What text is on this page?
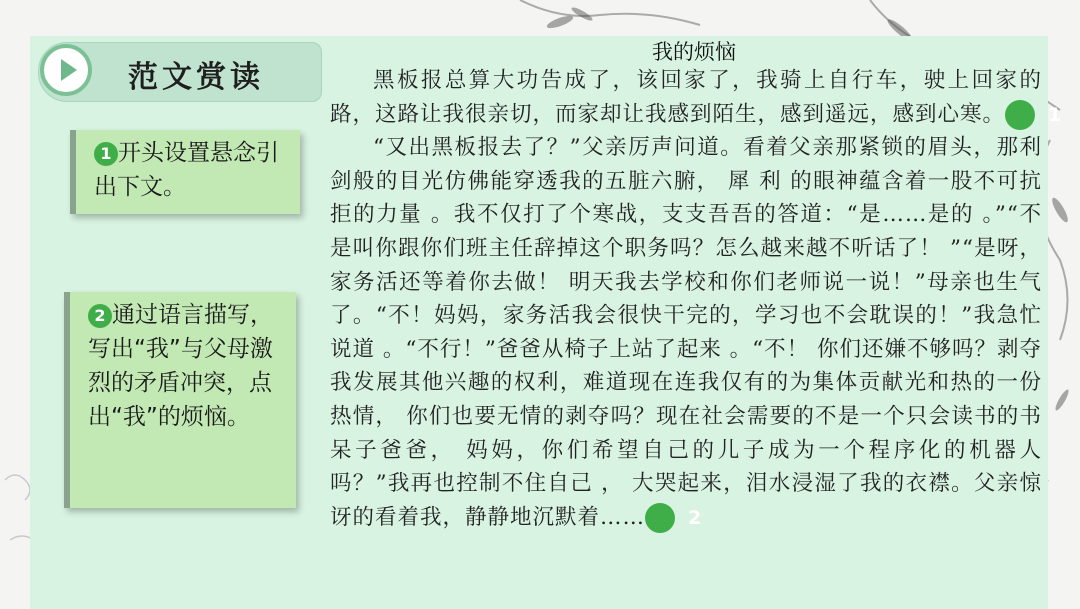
范文赏读
1 开头设置悬念引出下文。
2 通过语言描写，写出“我”与父母激烈的矛盾冲突，点出“我”的烦恼。
我的烦恼

黑板报总算大功告成了，该回家了，我骑上自行车，驶上回家的路，这路让我很亲切，而家却让我感到陌生，感到遥远，感到心寒。 1

“又出黑板报去了？”父亲厉声问道。看着父亲那紧锁的眉头，那利剑般的目光仿佛能穿透我的五脏六腑， 犀 利 的眼神蕴含着一股不可抗拒的力量 。我不仅打了个寒战，支支吾吾的答道：“是……是的 。”“不是叫你跟你们班主任辞掉这个职务吗？怎么越来越不听话了！ ”“是呀，家务活还等着你去做！ 明天我去学校和你们老师说一说！”母亲也生气了。“不！妈妈，家务活我会很快干完的，学习也不会耽误的！”我急忙说道 。“不行！”爸爸从椅子上站了起来 。“不！ 你们还嫌不够吗？剥夺我发展其他兴趣的权利，难道现在连我仅有的为集体贡献光和热的一份热情， 你们也要无情的剥夺吗？现在社会需要的不是一个只会读书的书呆子爸爸， 妈妈，你们希望自己的儿子成为一个程序化的机器人吗？”我再也控制不住自己 ， 大哭起来，泪水浸湿了我的衣襟。父亲惊讶的看着我，静静地沉默着…… 2
